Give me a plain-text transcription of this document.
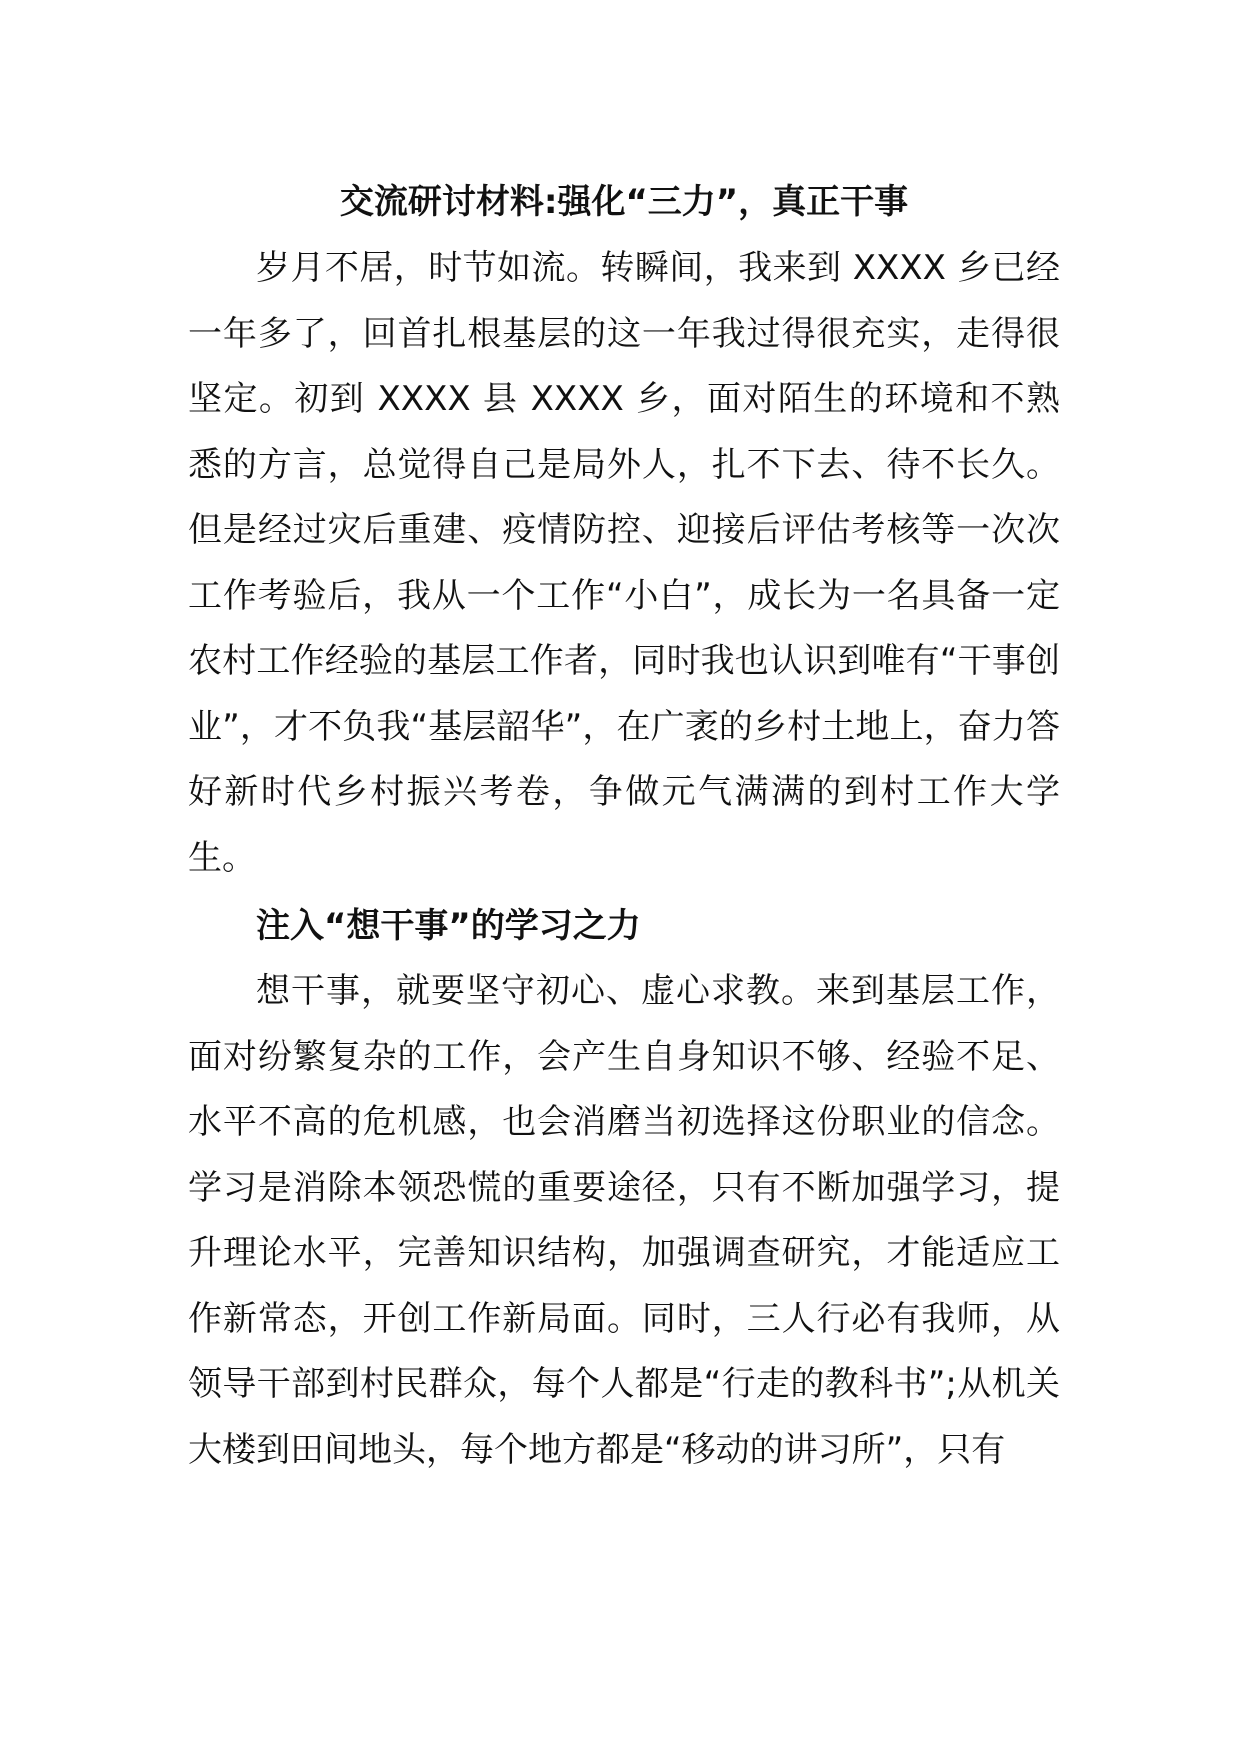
交流研讨材料:强化“三力”，真正干事

岁月不居，时节如流。转瞬间，我来到 XXXX 乡已经一年多了，回首扎根基层的这一年我过得很充实，走得很坚定。初到 XXXX 县 XXXX 乡，面对陌生的环境和不熟悉的方言，总觉得自己是局外人，扎不下去、待不长久。但是经过灾后重建、疫情防控、迎接后评估考核等一次次工作考验后，我从一个工作“小白”，成长为一名具备一定农村工作经验的基层工作者，同时我也认识到唯有“干事创业”，才不负我“基层韶华”，在广袤的乡村土地上，奋力答好新时代乡村振兴考卷，争做元气满满的到村工作大学生。

注入“想干事”的学习之力

想干事，就要坚守初心、虚心求教。来到基层工作，面对纷繁复杂的工作，会产生自身知识不够、经验不足、水平不高的危机感，也会消磨当初选择这份职业的信念。学习是消除本领恐慌的重要途径，只有不断加强学习，提升理论水平，完善知识结构，加强调查研究，才能适应工作新常态，开创工作新局面。同时，三人行必有我师，从领导干部到村民群众，每个人都是“行走的教科书”;从机关大楼到田间地头，每个地方都是“移动的讲习所”，只有
